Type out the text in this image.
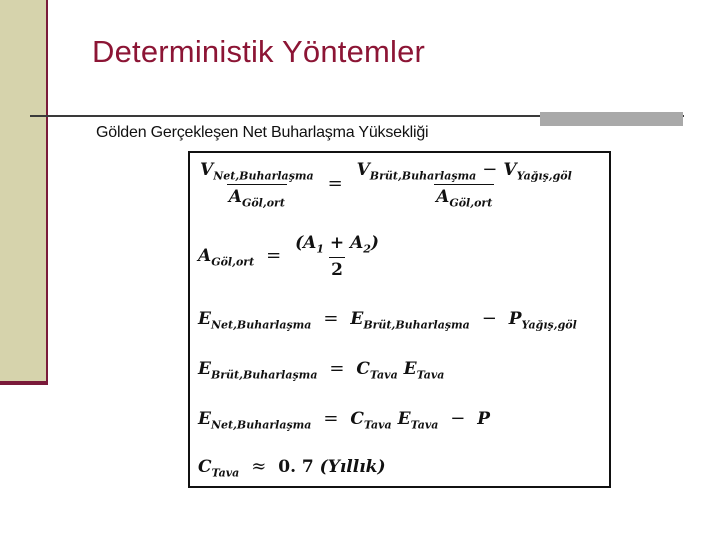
Deterministik Yöntemler
Gölden Gerçekleşen Net Buharlaşma Yüksekliği
$\frac{V_{Net,Buharlaşma}}{A_{Göl,ort}} = \frac{V_{Brüt,Buharlaşma} - V_{Yağış,göl}}{A_{Göl,ort}}$
$A_{Göl,ort} = \frac{(A_1 + A_2)}{2}$
$E_{Net,Buharlaşma} = E_{Brüt,Buharlaşma} - P_{Yağış,göl}$
$E_{Brüt,Buharlaşma} = C_{Tava}$ $E_{Tava}$
$E_{Net,Buharlaşma} = C_{Tava}$ $E_{Tava} - P$
$C_{Tava} \approx 0$. 7 (Yıllık)
